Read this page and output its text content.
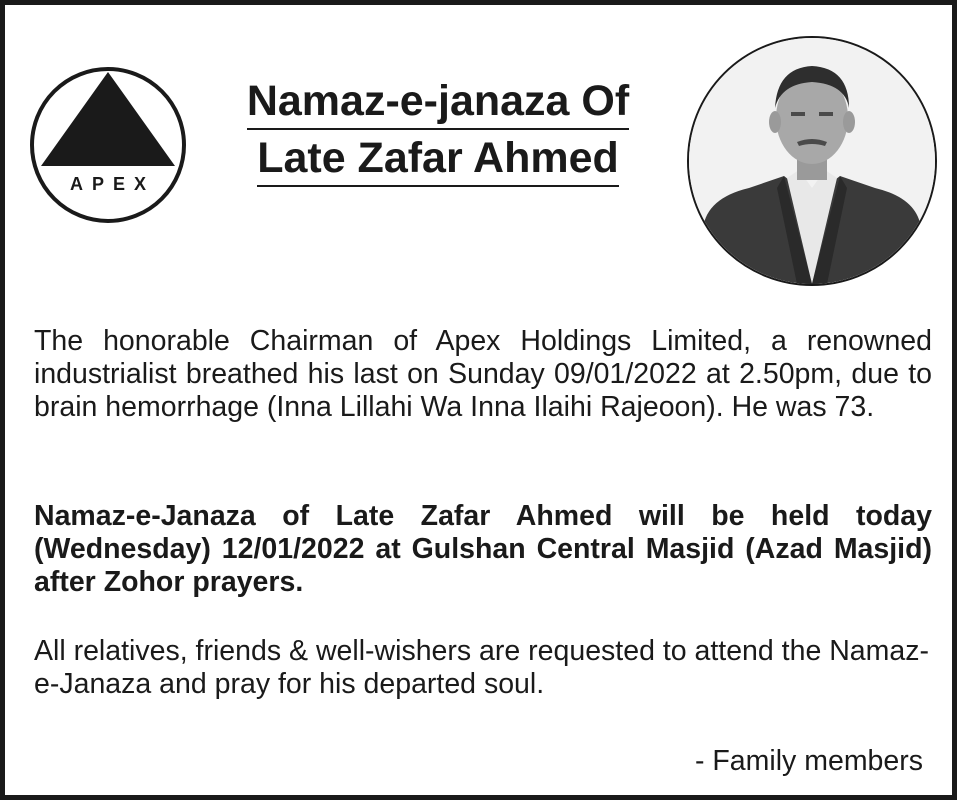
APEX
Namaz-e-janaza Of
Late Zafar Ahmed

The honorable Chairman of Apex Holdings Limited, a renowned industrialist breathed his last on Sunday 09/01/2022 at 2.50pm, due to brain hemorrhage (Inna Lillahi Wa Inna Ilaihi Rajeoon). He was 73.

Namaz-e-Janaza of Late Zafar Ahmed will be held today (Wednesday) 12/01/2022 at Gulshan Central Masjid (Azad Masjid) after Zohor prayers.

All relatives, friends & well-wishers are requested to attend the Namaz-e-Janaza and pray for his departed soul.

- Family members
